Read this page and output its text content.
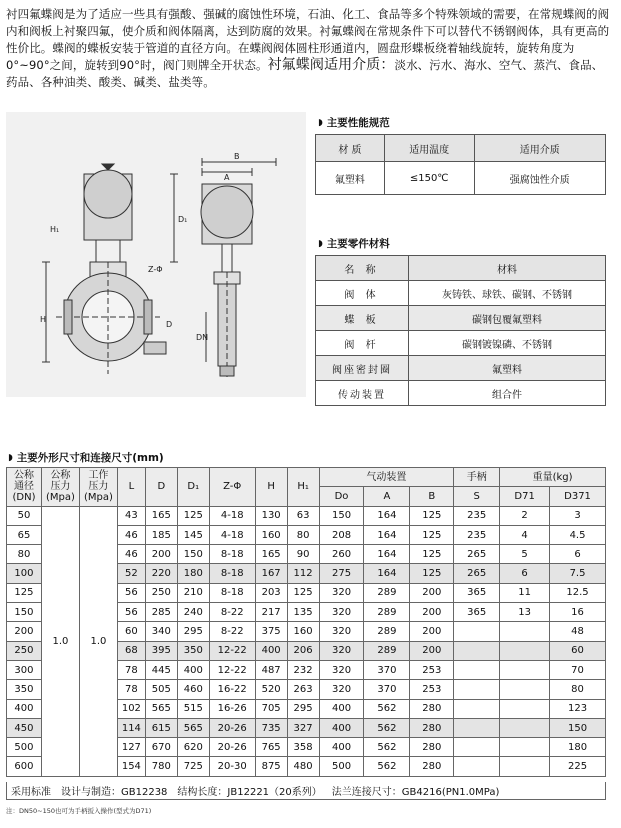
衬四氟蝶阀是为了适应一些具有强酸、强碱的腐蚀性环境，石油、化工、食品等多个特殊领域的需要，在常规蝶阀的阀内和阀板上衬聚四氟，使介质和阀体隔离，达到防腐的效果。衬氟蝶阀在常规条件下可以替代不锈钢阀体，具有更高的性价比。蝶阀的蝶板安装于管道的直径方向。在蝶阀阀体圆柱形通道内，圆盘形蝶板绕着轴线旋转，旋转角度为0°~90°之间，旋转到90°时，阀门则牌全开状态。衬氟蝶阀适用介质：淡水、污水、海水、空气、蒸汽、食品、药品、各种油类、酸类、碱类、盐类等。
B
D₁
Z-Φ
DN
H
H₁
D
A
◗ 主要性能规范
材 质	适用温度	适用介质
氟塑料	≤150℃	强腐蚀性介质
◗ 主要零件材料
名 称	材料
阀 体	灰铸铁、球铁、碳钢、不锈钢
蝶 板	碳钢包覆氟塑料
阀 杆	碳钢镀镍磷、不锈钢
阀座密封圈	氟塑料
传动装置	组合件
◗ 主要外形尺寸和连接尺寸(mm)
公称
通径
(DN)	公称
压力
(Mpa)	工作
压力
(Mpa)	L	D	D₁	Z-Φ	H	H₁	气动装置			手柄	重量(kg)	
									Do	A	B	S	D71	D371
50	1.0	1.0	43	165	125	4-18	130	63	150	164	125	235	2	3
65			46	185	145	4-18	160	80	208	164	125	235	4	4.5
80			46	200	150	8-18	165	90	260	164	125	265	5	6
100			52	220	180	8-18	167	112	275	164	125	265	6	7.5
125			56	250	210	8-18	203	125	320	289	200	365	11	12.5
150			56	285	240	8-22	217	135	320	289	200	365	13	16
200			60	340	295	8-22	375	160	320	289	200			48
250			68	395	350	12-22	400	206	320	289	200			60
300			78	445	400	12-22	487	232	320	370	253			70
350			78	505	460	16-22	520	263	320	370	253			80
400			102	565	515	16-26	705	295	400	562	280			123
450			114	615	565	20-26	735	327	400	562	280			150
500			127	670	620	20-26	765	358	400	562	280			180
600			154	780	725	20-30	875	480	500	562	280			225
采用标准 设计与制造：GB12238 结构长度：JB12221（20系列） 法兰连接尺寸：GB4216(PN1.0MPa)
注：DN50~150也可为手柄扳入操作(型式为D71)
